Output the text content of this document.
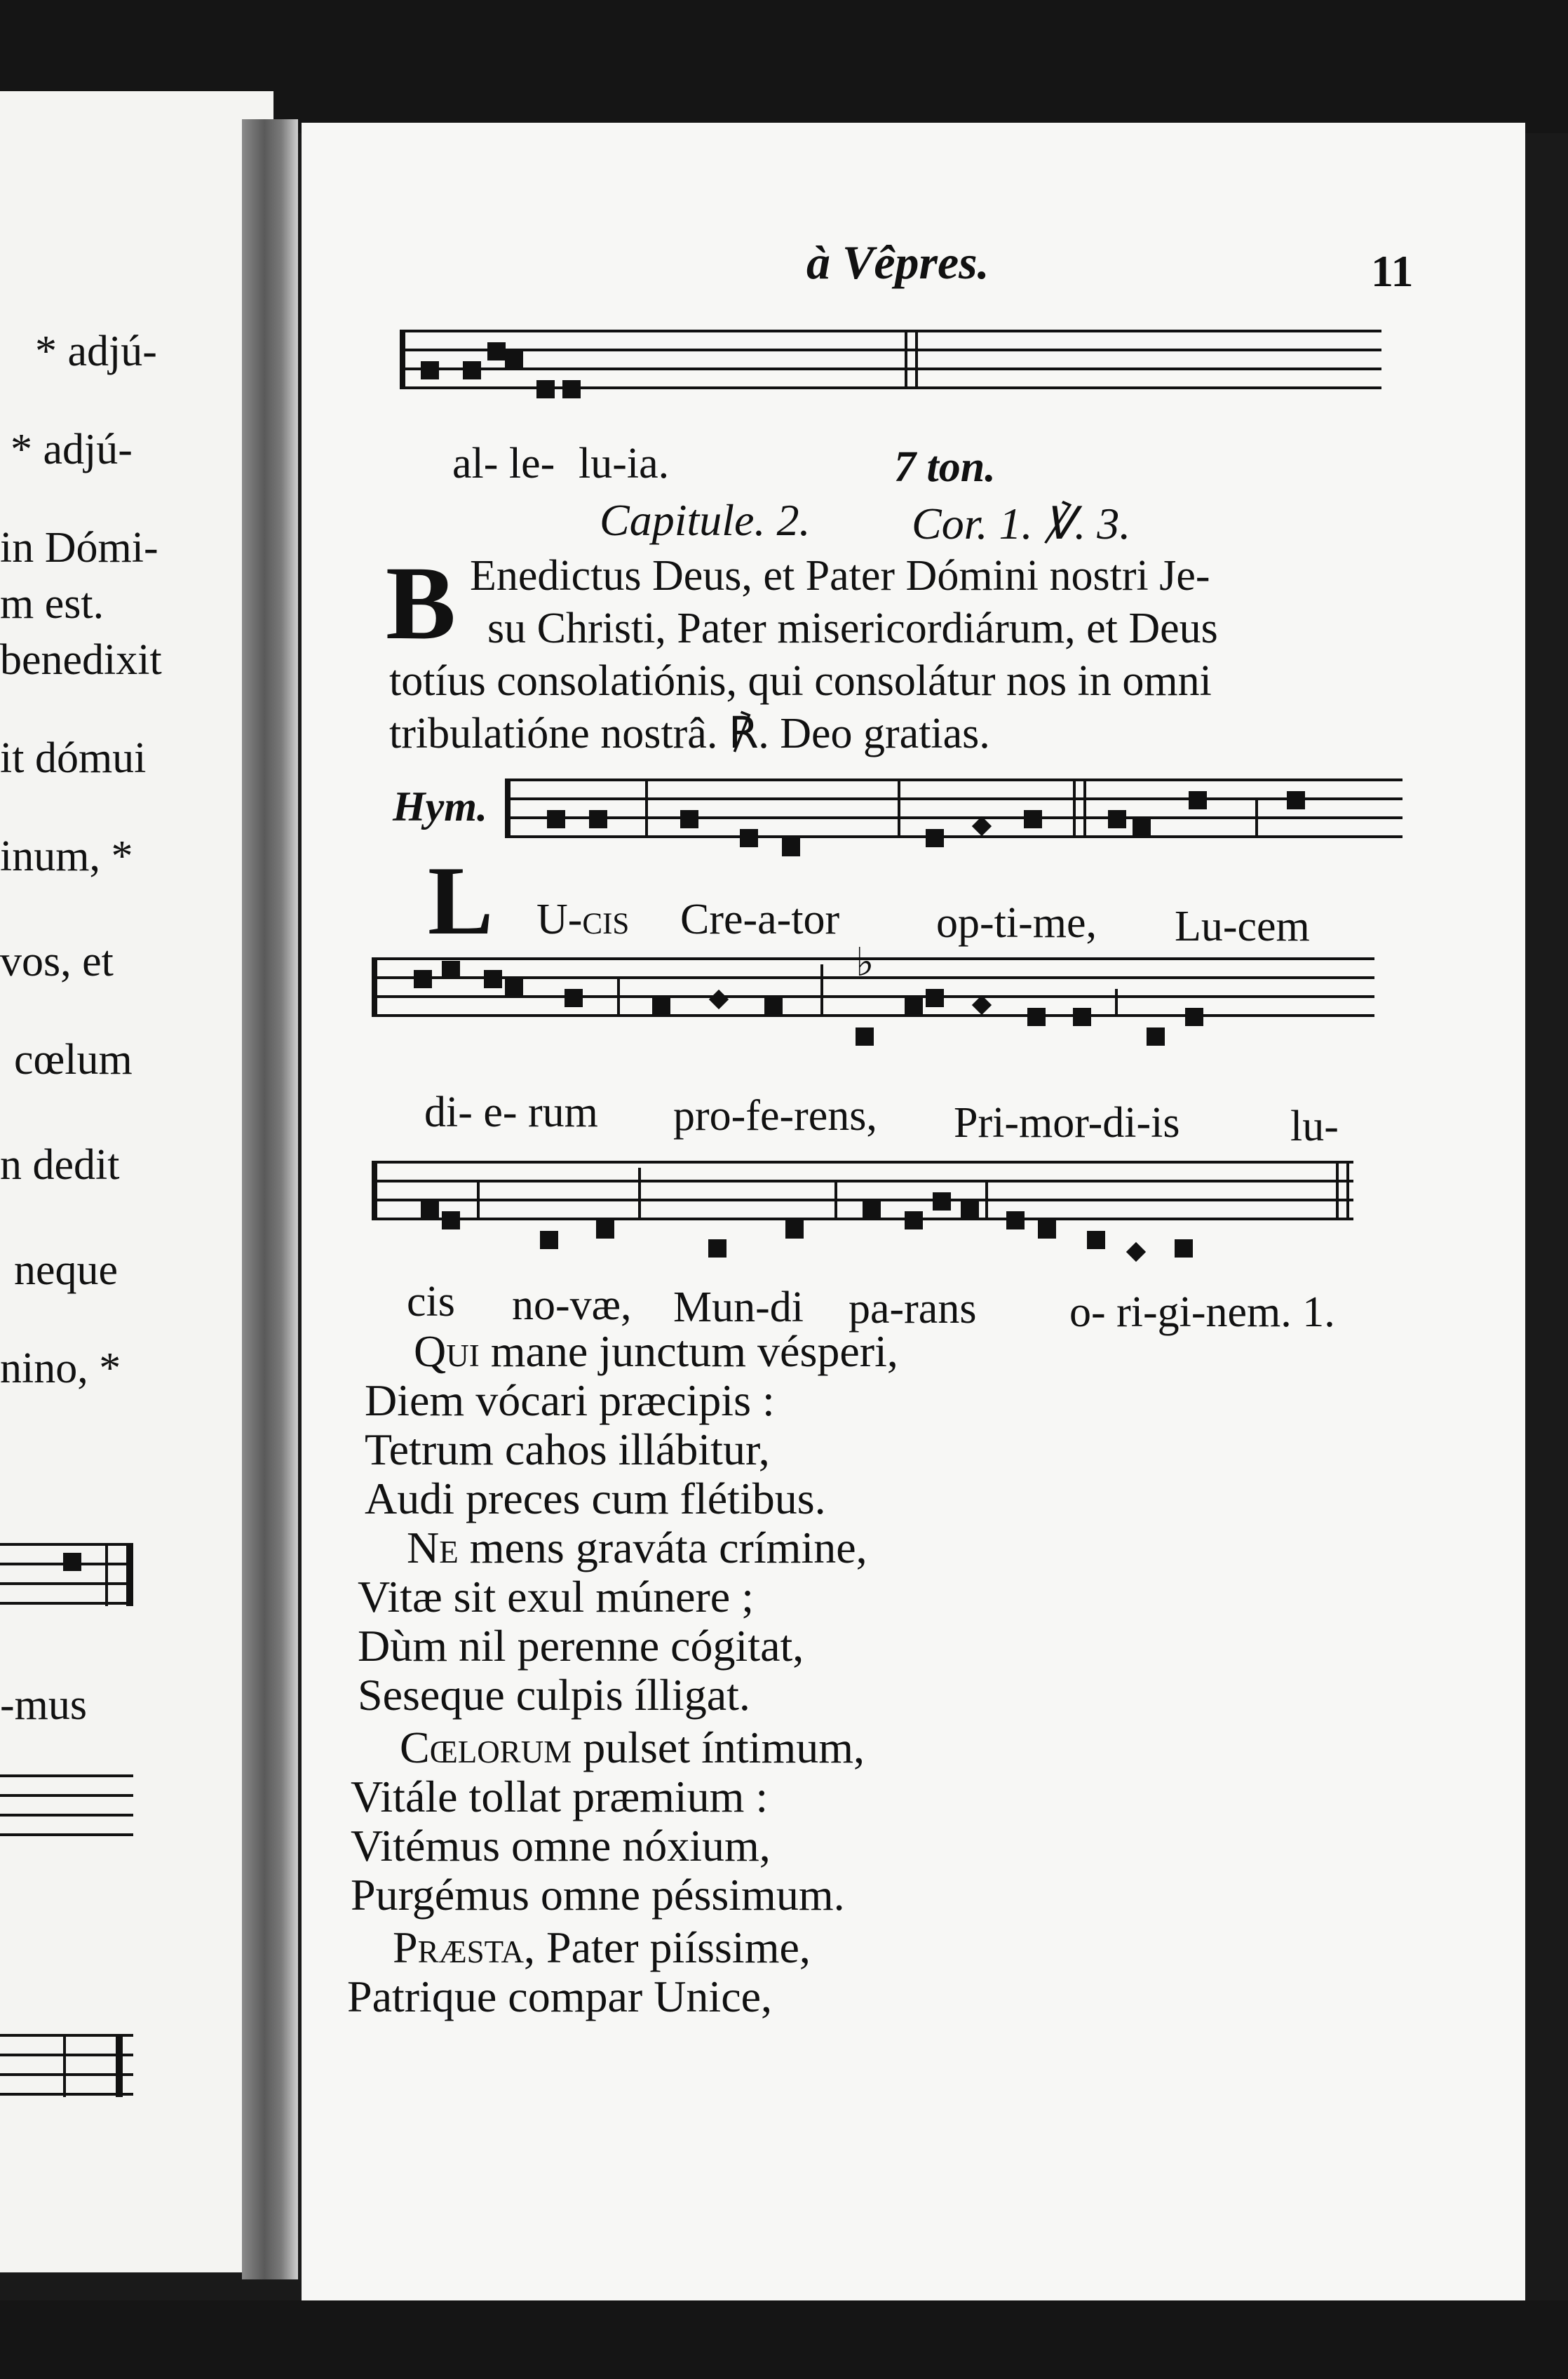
* adjú-
* adjú-
in Dómi-
m est.
benedixit
it dómui
inum, *
vos, et
cœlum
n dedit
neque
nino, *
-mus
à Vêpres.	11
al- le- lu-ia.	7 ton.
Capitule. 2. Cor. 1. ℣. 3.
B Enedictus Deus, et Pater Dómini nostri Je-
su Christi, Pater misericordiárum, et Deus
totíus consolatiónis, qui consolátur nos in omni
tribulatióne nostrâ. ℟. Deo gratias.
Hym.
L U-cis Cre-a-tor op-ti-me, Lu-cem
♭
di- e- rum pro-fe-rens, Pri-mor-di-is	lu-
cis no-væ, Mun-di pa-rans o- ri-gi-nem. 1.
Qui mane junctum vésperi,
Diem vócari præcipis :
Tetrum cahos illábitur,
Audi preces cum flétibus.
Ne mens graváta crímine,
Vitæ sit exul múnere ;
Dùm nil perenne cógitat,
Seseque culpis ílligat.
Cœlorum pulset íntimum,
Vitále tollat præmium :
Vitémus omne nóxium,
Purgémus omne péssimum.
Præsta, Pater piíssime,
Patrique compar Unice,
